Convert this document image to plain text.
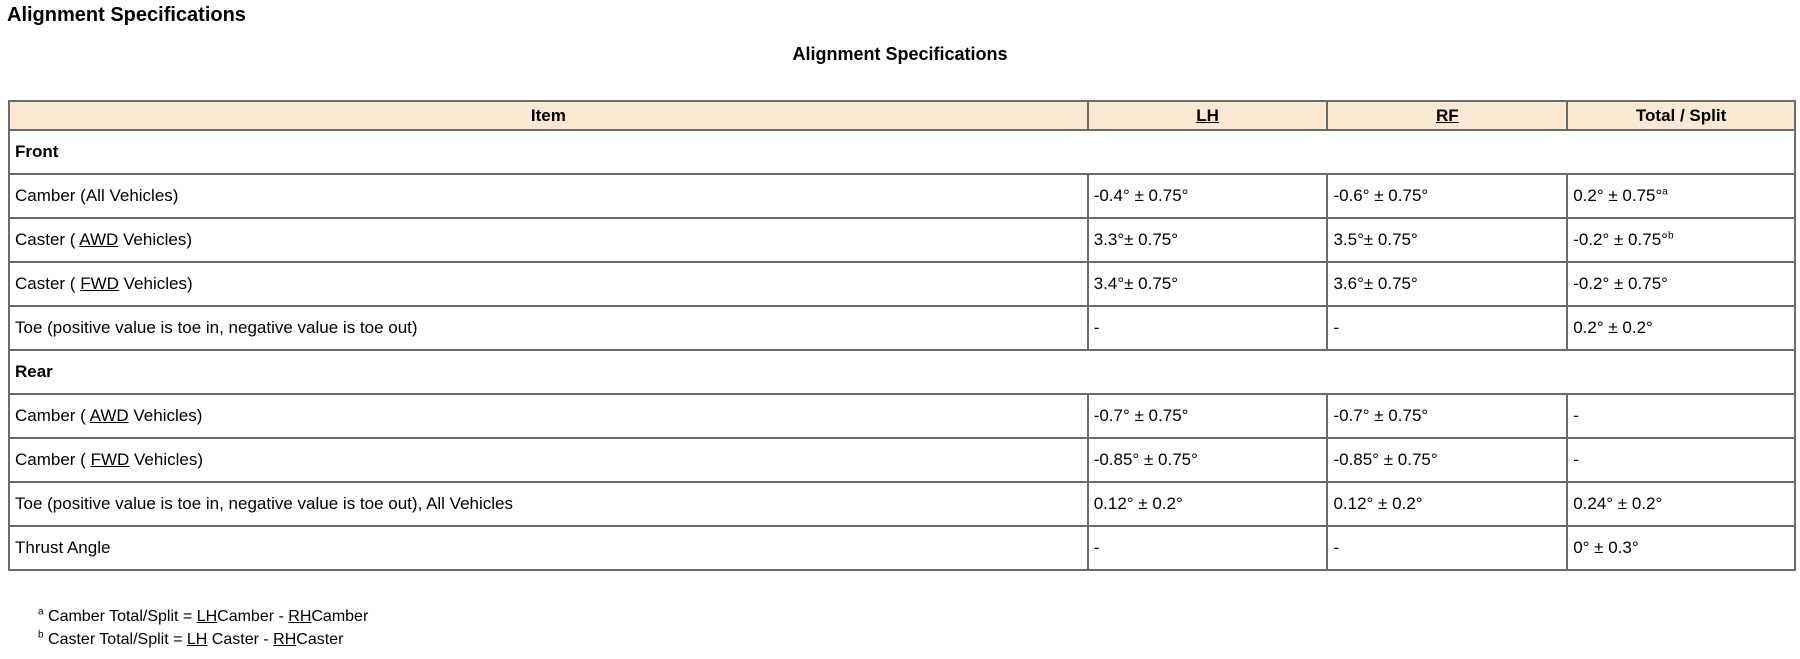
Alignment Specifications
Alignment Specifications
Item	LH	RF	Total / Split
Front			
Camber (All Vehicles)	-0.4° ± 0.75°	-0.6° ± 0.75°	0.2° ± 0.75°$^a$
Caster ( AWD Vehicles)	3.3°± 0.75°	3.5°± 0.75°	-0.2° ± 0.75°$^b$
Caster ( FWD Vehicles)	3.4°± 0.75°	3.6°± 0.75°	-0.2° ± 0.75°
Toe (positive value is toe in, negative value is toe out)	-	-	0.2° ± 0.2°
Rear			
Camber ( AWD Vehicles)	-0.7° ± 0.75°	-0.7° ± 0.75°	-
Camber ( FWD Vehicles)	-0.85° ± 0.75°	-0.85° ± 0.75°	-
Toe (positive value is toe in, negative value is toe out), All Vehicles	0.12° ± 0.2°	0.12° ± 0.2°	0.24° ± 0.2°
Thrust Angle	-	-	0° ± 0.3°
$^a$ Camber Total/Split = LHCamber - RHCamber
$^b$ Caster Total/Split = LH Caster - RHCaster
